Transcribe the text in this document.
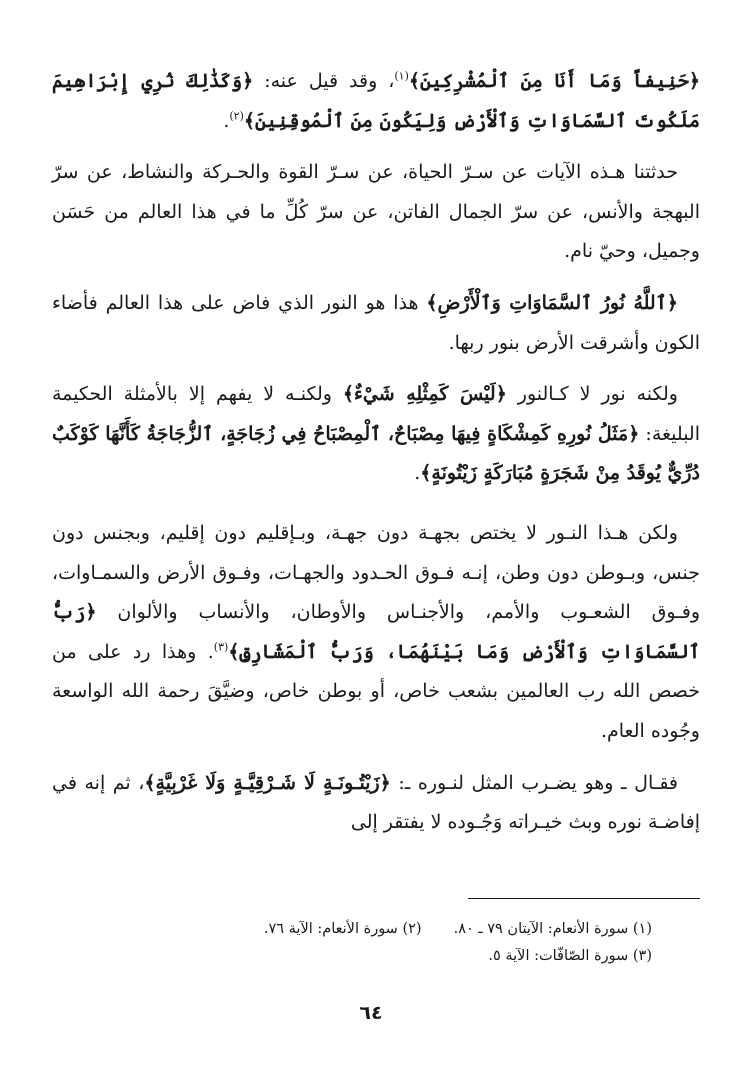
﴿حَنِيفاً وَمَا أَنَا مِنَ ٱلْمُشْرِكِينَ﴾$^{(١)}$، وقد قيل عنه: ﴿وَكَذَٰلِكَ نُرِي إِبْرَاهِيمَ مَلَكُوتَ ٱلسَّمَاوَاتِ وَٱلْأَرْضِ وَلِيَكُونَ مِنَ ٱلْمُوقِنِينَ﴾$^{(٢)}$.

حدثتنا هـذه الآيات عن سـرّ الحياة، عن سـرّ القوة والحـركة والنشاط، عن سرّ البهجة والأنس، عن سرّ الجمال الفاتن، عن سرّ كُلِّ ما في هذا العالم من حَسَن وجميل، وحيّ نام.

﴿ٱللَّهُ نُورُ ٱلسَّمَاوَاتِ وَٱلْأَرْضِ﴾ هذا هو النور الذي فاض على هذا العالم فأضاء الكون وأشرقت الأرض بنور ربها.

ولكنه نور لا كـالنور ﴿لَيْسَ كَمِثْلِهِ شَيْءٌ﴾ ولكنـه لا يفهم إلا بالأمثلة الحكيمة البليغة: ﴿مَثَلُ نُورِهِ كَمِشْكَاةٍ فِيهَا مِصْبَاحٌ، ٱلْمِصْبَاحُ فِي زُجَاجَةٍ، ٱلزُّجَاجَةُ كَأَنَّهَا كَوْكَبٌ دُرِّيٌّ يُوقَدُ مِنْ شَجَرَةٍ مُبَارَكَةٍ زَيْتُونَةٍ﴾.

ولكن هـذا النـور لا يختص بجهـة دون جهـة، وبـإقليم دون إقليم، وبجنس دون جنس، وبـوطن دون وطن، إنـه فـوق الحـدود والجهـات، وفـوق الأرض والسمـاوات، وفـوق الشعـوب والأمم، والأجنـاس والأوطان، والأنساب والألوان ﴿رَبُّ ٱلسَّمَاوَاتِ وَٱلْأَرْضِ وَمَا بَيْنَهُمَا، وَرَبُّ ٱلْمَشَارِقِ﴾$^{(٣)}$. وهذا رد على من خصص الله رب العالمين بشعب خاص، أو بوطن خاص، وضيَّقَ رحمة الله الواسعة وجُوده العام.

فقـال ـ وهو يضـرب المثل لنـوره ـ: ﴿زَيْتُـونَـةٍ لَا شَـرْقِيَّـةٍ وَلَا غَرْبِيَّةٍ﴾، ثم إنه في إفاضـة نوره وبث خيـراته وَجُـوده لا يفتقر إلى

(١) سورة الأنعام: الآيتان ٧٩ ـ ٨٠.
(٢) سورة الأنعام: الآية ٧٦.
(٣) سورة الصّافّات: الآية ٥.
٦٤
